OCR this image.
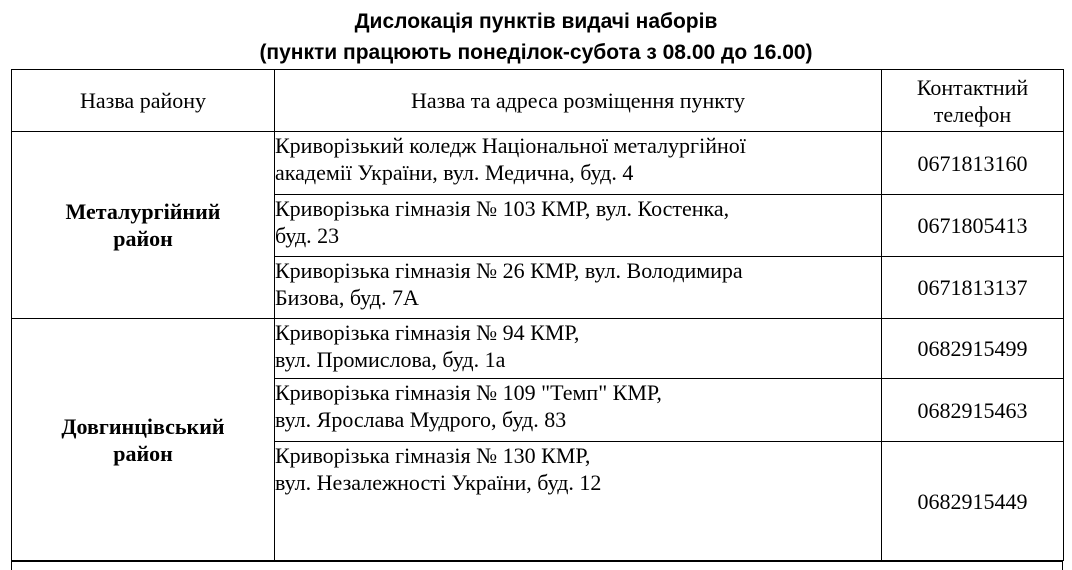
Дислокація пунктів видачі наборів
(пункти працюють понеділок-субота з 08.00 до 16.00)
Назва району	Назва та адреса розміщення пункту	Контактний
телефон

Металургійний
район	Криворізький коледж Національної металургійної
академії України, вул. Медична, буд. 4	0671813160

	Криворізька гімназія № 103 КМР, вул. Костенка,
буд. 23	0671805413

	Криворізька гімназія № 26 КМР, вул. Володимира
Бизова, буд. 7А	0671813137

Довгинцівський
район	Криворізька гімназія № 94 КМР,
вул. Промислова, буд. 1а	0682915499

	Криворізька гімназія № 109 "Темп" КМР,
вул. Ярослава Мудрого, буд. 83	0682915463

	Криворізька гімназія № 130 КМР,
вул. Незалежності України, буд. 12	0682915449
